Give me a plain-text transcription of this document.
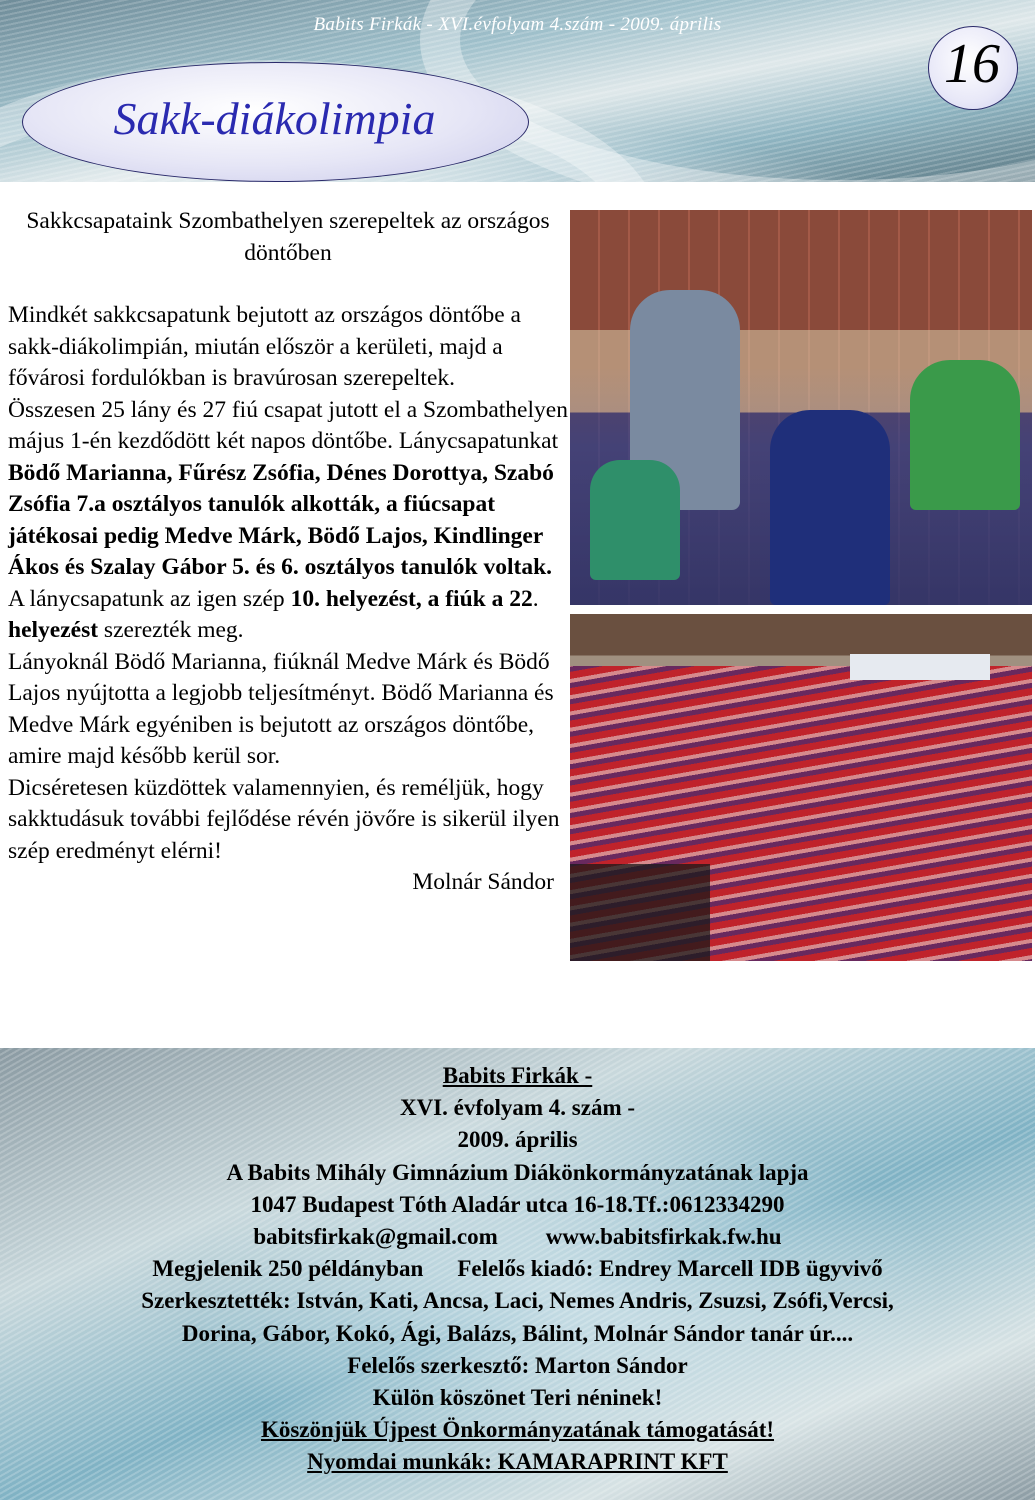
Babits Firkák - XVI.évfolyam 4.szám - 2009. április
Sakk-diákolimpia
16

Sakkcsapataink Szombathelyen szerepeltek az országos döntőben

Mindkét sakkcsapatunk bejutott az országos döntőbe a sakk-diákolimpián, miután először a kerületi, majd a fővárosi fordulókban is bravúrosan szerepeltek.

Összesen 25 lány és 27 fiú csapat jutott el a Szombathelyen május 1-én kezdődött két napos döntőbe. Lánycsapatunkat Bödő Marianna, Fűrész Zsófia, Dénes Dorottya, Szabó Zsófia 7.a osztályos tanulók alkották, a fiúcsapat játékosai pedig Medve Márk, Bödő Lajos, Kindlinger Ákos és Szalay Gábor 5. és 6. osztályos tanulók voltak.

A lánycsapatunk az igen szép 10. helyezést, a fiúk a 22. helyezést szerezték meg.

Lányoknál Bödő Marianna, fiúknál Medve Márk és Bödő Lajos nyújtotta a legjobb teljesítményt. Bödő Marianna és Medve Márk egyéniben is bejutott az országos döntőbe, amire majd később kerül sor.

Dicséretesen küzdöttek valamennyien, és reméljük, hogy sakktudásuk további fejlődése révén jövőre is sikerül ilyen szép eredményt elérni!

Molnár Sándor

Babits Firkák -
XVI. évfolyam 4. szám -
2009. április
A Babits Mihály Gimnázium Diákönkormányzatának lapja
1047 Budapest Tóth Aladár utca 16-18.Tf.:0612334290
babitsfirkak@gmail.com www.babitsfirkak.fw.hu
Megjelenik 250 példányban Felelős kiadó: Endrey Marcell IDB ügyvivő
Szerkesztették: István, Kati, Ancsa, Laci, Nemes Andris, Zsuzsi, Zsófi,Vercsi,
Dorina, Gábor, Kokó, Ági, Balázs, Bálint, Molnár Sándor tanár úr....
Felelős szerkesztő: Marton Sándor
Külön köszönet Teri néninek!
Köszönjük Újpest Önkormányzatának támogatását!
Nyomdai munkák: KAMARAPRINT KFT
